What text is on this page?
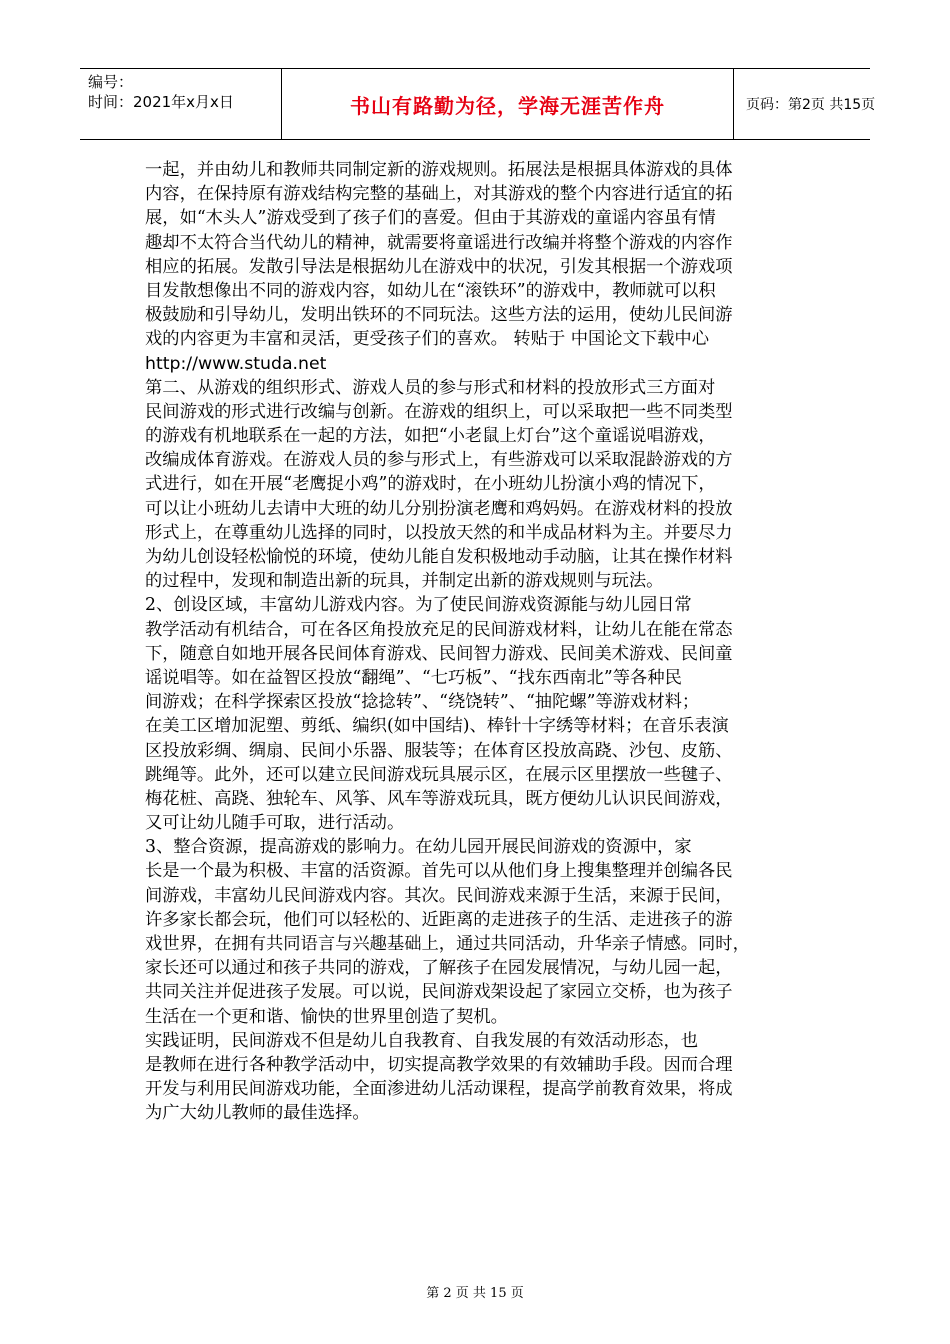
编号：
时间：2021年x月x日	书山有路勤为径，学海无涯苦作舟	页码：第2页 共15页
一起，并由幼儿和教师共同制定新的游戏规则。拓展法是根据具体游戏的具体
内容，在保持原有游戏结构完整的基础上，对其游戏的整个内容进行适宜的拓
展，如“木头人”游戏受到了孩子们的喜爱。但由于其游戏的童谣内容虽有情
趣却不太符合当代幼儿的精神，就需要将童谣进行改编并将整个游戏的内容作
相应的拓展。发散引导法是根据幼儿在游戏中的状况，引发其根据一个游戏项
目发散想像出不同的游戏内容，如幼儿在“滚铁环”的游戏中，教师就可以积
极鼓励和引导幼儿，发明出铁环的不同玩法。这些方法的运用，使幼儿民间游
戏的内容更为丰富和灵活，更受孩子们的喜欢。 转贴于 中国论文下载中心
http://www.studa.net
第二、从游戏的组织形式、游戏人员的参与形式和材料的投放形式三方面对
民间游戏的形式进行改编与创新。在游戏的组织上，可以采取把一些不同类型
的游戏有机地联系在一起的方法，如把“小老鼠上灯台”这个童谣说唱游戏，
改编成体育游戏。在游戏人员的参与形式上，有些游戏可以采取混龄游戏的方
式进行，如在开展“老鹰捉小鸡”的游戏时，在小班幼儿扮演小鸡的情况下，
可以让小班幼儿去请中大班的幼儿分别扮演老鹰和鸡妈妈。在游戏材料的投放
形式上，在尊重幼儿选择的同时，以投放天然的和半成品材料为主。并要尽力
为幼儿创设轻松愉悦的环境，使幼儿能自发积极地动手动脑，让其在操作材料
的过程中，发现和制造出新的玩具，并制定出新的游戏规则与玩法。
2、创设区域，丰富幼儿游戏内容。为了使民间游戏资源能与幼儿园日常
教学活动有机结合，可在各区角投放充足的民间游戏材料，让幼儿在能在常态
下，随意自如地开展各民间体育游戏、民间智力游戏、民间美术游戏、民间童
谣说唱等。如在益智区投放“翻绳”、“七巧板”、“找东西南北”等各种民
间游戏；在科学探索区投放“捻捻转”、“绕饶转”、“抽陀螺”等游戏材料；
在美工区增加泥塑、剪纸、编织(如中国结)、棒针十字绣等材料；在音乐表演
区投放彩绸、绸扇、民间小乐器、服装等；在体育区投放高跷、沙包、皮筋、
跳绳等。此外，还可以建立民间游戏玩具展示区，在展示区里摆放一些毽子、
梅花桩、高跷、独轮车、风筝、风车等游戏玩具，既方便幼儿认识民间游戏，
又可让幼儿随手可取，进行活动。
3、整合资源，提高游戏的影响力。在幼儿园开展民间游戏的资源中，家
长是一个最为积极、丰富的活资源。首先可以从他们身上搜集整理并创编各民
间游戏，丰富幼儿民间游戏内容。其次。民间游戏来源于生活，来源于民间，
许多家长都会玩，他们可以轻松的、近距离的走进孩子的生活、走进孩子的游
戏世界，在拥有共同语言与兴趣基础上，通过共同活动，升华亲子情感。同时，
家长还可以通过和孩子共同的游戏，了解孩子在园发展情况，与幼儿园一起，
共同关注并促进孩子发展。可以说，民间游戏架设起了家园立交桥，也为孩子
生活在一个更和谐、愉快的世界里创造了契机。
实践证明，民间游戏不但是幼儿自我教育、自我发展的有效活动形态，也
是教师在进行各种教学活动中，切实提高教学效果的有效辅助手段。因而合理
开发与利用民间游戏功能，全面渗进幼儿活动课程，提高学前教育效果，将成
为广大幼儿教师的最佳选择。
第 2 页 共 15 页
